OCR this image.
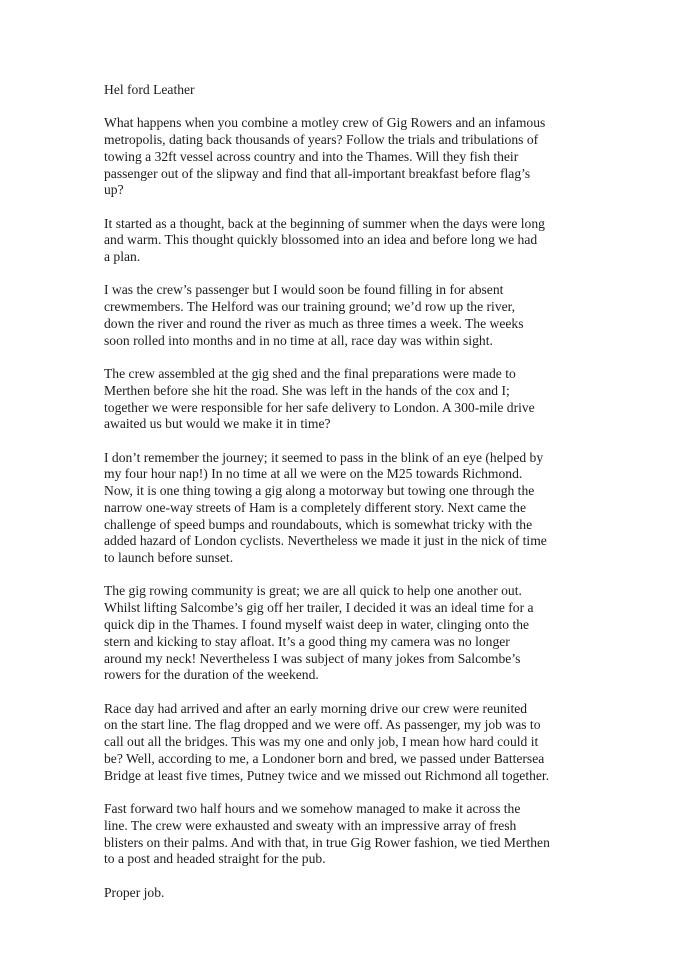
Hel ford Leather
What happens when you combine a motley crew of Gig Rowers and an infamous
metropolis, dating back thousands of years? Follow the trials and tribulations of
towing a 32ft vessel across country and into the Thames. Will they fish their
passenger out of the slipway and find that all-important breakfast before flag’s
up?
It started as a thought, back at the beginning of summer when the days were long
and warm. This thought quickly blossomed into an idea and before long we had
a plan.
I was the crew’s passenger but I would soon be found filling in for absent
crewmembers. The Helford was our training ground; we’d row up the river,
down the river and round the river as much as three times a week. The weeks
soon rolled into months and in no time at all, race day was within sight.
The crew assembled at the gig shed and the final preparations were made to
Merthen before she hit the road. She was left in the hands of the cox and I;
together we were responsible for her safe delivery to London. A 300-mile drive
awaited us but would we make it in time?
I don’t remember the journey; it seemed to pass in the blink of an eye (helped by
my four hour nap!) In no time at all we were on the M25 towards Richmond.
Now, it is one thing towing a gig along a motorway but towing one through the
narrow one-way streets of Ham is a completely different story. Next came the
challenge of speed bumps and roundabouts, which is somewhat tricky with the
added hazard of London cyclists. Nevertheless we made it just in the nick of time
to launch before sunset.
The gig rowing community is great; we are all quick to help one another out.
Whilst lifting Salcombe’s gig off her trailer, I decided it was an ideal time for a
quick dip in the Thames. I found myself waist deep in water, clinging onto the
stern and kicking to stay afloat. It’s a good thing my camera was no longer
around my neck! Nevertheless I was subject of many jokes from Salcombe’s
rowers for the duration of the weekend.
Race day had arrived and after an early morning drive our crew were reunited
on the start line. The flag dropped and we were off. As passenger, my job was to
call out all the bridges. This was my one and only job, I mean how hard could it
be? Well, according to me, a Londoner born and bred, we passed under Battersea
Bridge at least five times, Putney twice and we missed out Richmond all together.
Fast forward two half hours and we somehow managed to make it across the
line. The crew were exhausted and sweaty with an impressive array of fresh
blisters on their palms. And with that, in true Gig Rower fashion, we tied Merthen
to a post and headed straight for the pub.
Proper job.
